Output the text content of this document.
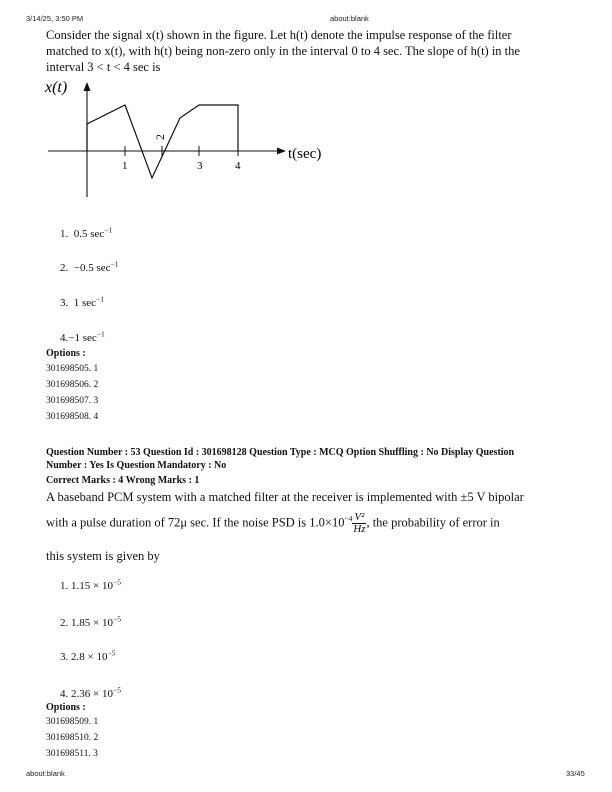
3/14/25, 3:50 PM	about:blank
Consider the signal x(t) shown in the figure. Let h(t) denote the impulse response of the filter
matched to x(t), with h(t) being non-zero only in the interval 0 to 4 sec. The slope of h(t) in the
interval 3 < t < 4 sec is
x(t)
t(sec)
2
1	3	4
1. 0.5 $\sec^{-1}$
2. −0.5 $\sec^{-1}$
3. 1 $\sec^{-1}$
4.−1 $\sec^{-1}$
Options :
301698505. 1
301698506. 2
301698507. 3
301698508. 4
Question Number : 53 Question Id : 301698128 Question Type : MCQ Option Shuffling : No Display Question
Number : Yes Is Question Mandatory : No
Correct Marks : 4 Wrong Marks : 1
A baseband PCM system with a matched filter at the receiver is implemented with ±5 V bipolar
with a pulse duration of 72μ sec. If the noise PSD is $1.0\times 10^{-4} \frac{\text{V²}}{Hz}$ , the probability of error in
this system is given by
1. $1.15 \times 10^{-5}$
2. $1.85 \times 10^{-5}$
3. $2.8 \times 10^{-5}$
4. $2.36 \times 10^{-5}$
Options :
301698509. 1
301698510. 2
301698511. 3
about:blank	33/45
